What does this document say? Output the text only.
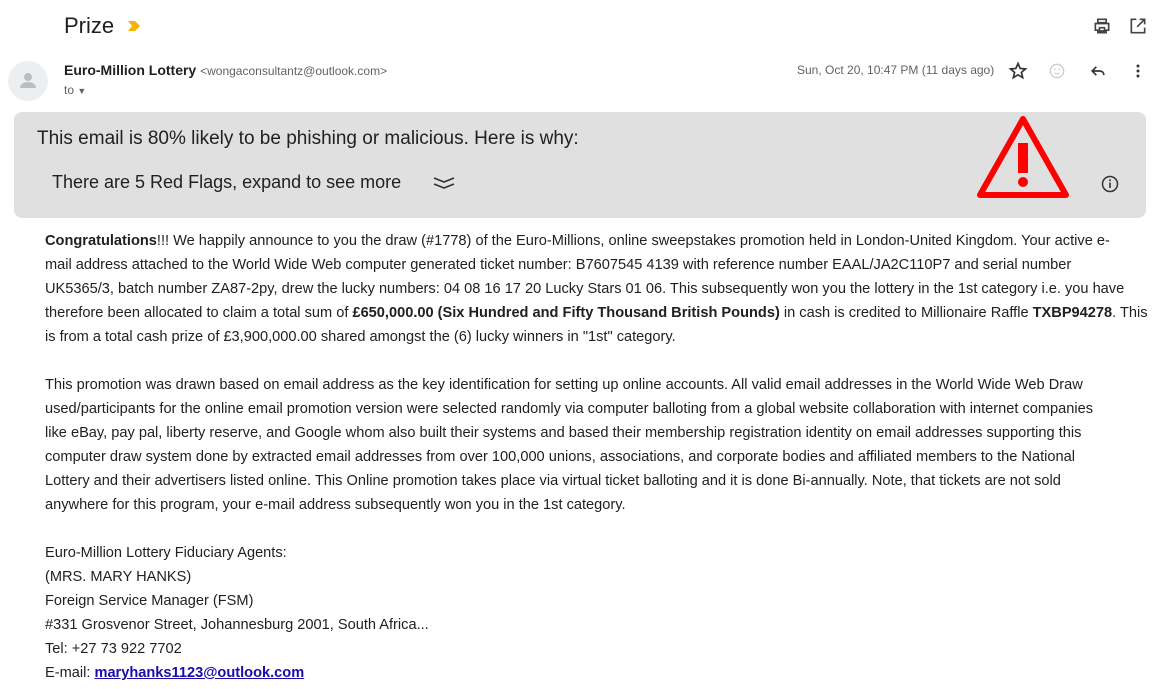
Prize
Euro-Million Lottery <wongaconsultantz@outlook.com>
to ▼
Sun, Oct 20, 10:47 PM (11 days ago)
This email is 80% likely to be phishing or malicious. Here is why:
There are 5 Red Flags, expand to see more
Congratulations!!! We happily announce to you the draw (#1778) of the Euro-Millions, online sweepstakes promotion held in London-United Kingdom. Your active e-
mail address attached to the World Wide Web computer generated ticket number: B7607545 4139 with reference number EAAL/JA2C110P7 and serial number
UK5365/3, batch number ZA87-2py, drew the lucky numbers: 04 08 16 17 20 Lucky Stars 01 06. This subsequently won you the lottery in the 1st category i.e. you have
therefore been allocated to claim a total sum of £650,000.00 (Six Hundred and Fifty Thousand British Pounds) in cash is credited to Millionaire Raffle TXBP94278. This
is from a total cash prize of £3,900,000.00 shared amongst the (6) lucky winners in "1st" category.
This promotion was drawn based on email address as the key identification for setting up online accounts. All valid email addresses in the World Wide Web Draw
used/participants for the online email promotion version were selected randomly via computer balloting from a global website collaboration with internet companies
like eBay, pay pal, liberty reserve, and Google whom also built their systems and based their membership registration identity on email addresses supporting this
computer draw system done by extracted email addresses from over 100,000 unions, associations, and corporate bodies and affiliated members to the National
Lottery and their advertisers listed online. This Online promotion takes place via virtual ticket balloting and it is done Bi-annually. Note, that tickets are not sold
anywhere for this program, your e-mail address subsequently won you in the 1st category.
Euro-Million Lottery Fiduciary Agents:
(MRS. MARY HANKS)
Foreign Service Manager (FSM)
#331 Grosvenor Street, Johannesburg 2001, South Africa...
Tel: +27 73 922 7702
E-mail: maryhanks1123@outlook.com
